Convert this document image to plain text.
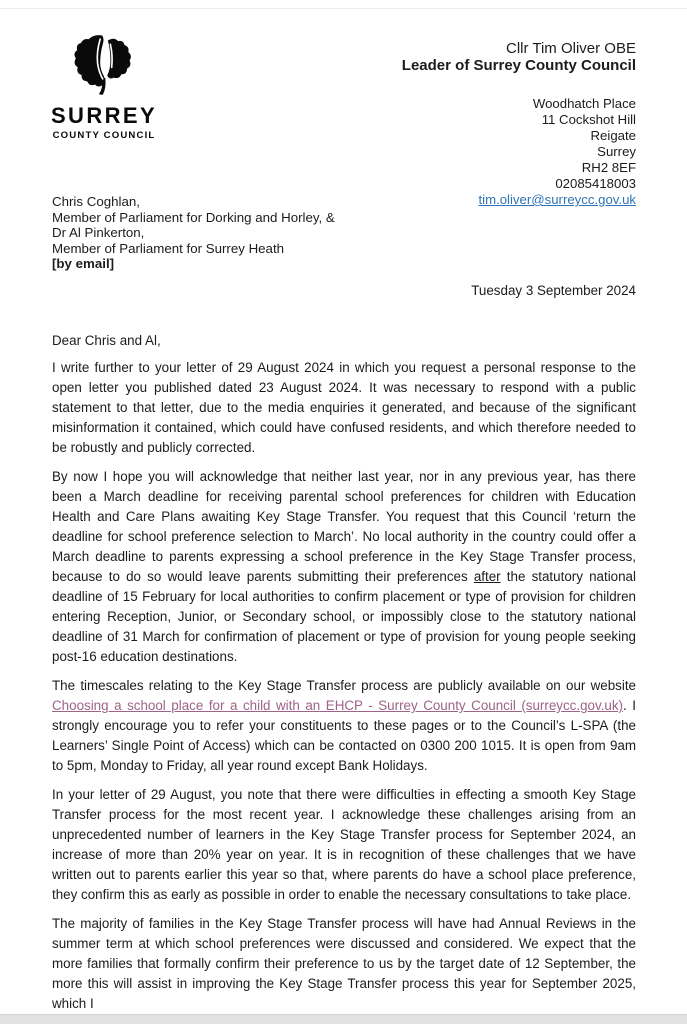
SURREY
COUNTY COUNCIL
Cllr Tim Oliver OBE
Leader of Surrey County Council
Woodhatch Place
11 Cockshot Hill
Reigate
Surrey
RH2 8EF
02085418003
tim.oliver@surreycc.gov.uk
Chris Coghlan,
Member of Parliament for Dorking and Horley, &
Dr Al Pinkerton,
Member of Parliament for Surrey Heath
[by email]
Tuesday 3 September 2024
Dear Chris and Al,

I write further to your letter of 29 August 2024 in which you request a personal response to the open letter you published dated 23 August 2024. It was necessary to respond with a public statement to that letter, due to the media enquiries it generated, and because of the significant misinformation it contained, which could have confused residents, and which therefore needed to be robustly and publicly corrected.

By now I hope you will acknowledge that neither last year, nor in any previous year, has there been a March deadline for receiving parental school preferences for children with Education Health and Care Plans awaiting Key Stage Transfer. You request that this Council ‘return the deadline for school preference selection to March’. No local authority in the country could offer a March deadline to parents expressing a school preference in the Key Stage Transfer process, because to do so would leave parents submitting their preferences after the statutory national deadline of 15 February for local authorities to confirm placement or type of provision for children entering Reception, Junior, or Secondary school, or impossibly close to the statutory national deadline of 31 March for confirmation of placement or type of provision for young people seeking post-16 education destinations.

The timescales relating to the Key Stage Transfer process are publicly available on our website Choosing a school place for a child with an EHCP - Surrey County Council (surreycc.gov.uk). I strongly encourage you to refer your constituents to these pages or to the Council’s L-SPA (the Learners’ Single Point of Access) which can be contacted on 0300 200 1015. It is open from 9am to 5pm, Monday to Friday, all year round except Bank Holidays.

In your letter of 29 August, you note that there were difficulties in effecting a smooth Key Stage Transfer process for the most recent year. I acknowledge these challenges arising from an unprecedented number of learners in the Key Stage Transfer process for September 2024, an increase of more than 20% year on year. It is in recognition of these challenges that we have written out to parents earlier this year so that, where parents do have a school place preference, they confirm this as early as possible in order to enable the necessary consultations to take place.

The majority of families in the Key Stage Transfer process will have had Annual Reviews in the summer term at which school preferences were discussed and considered. We expect that the more families that formally confirm their preference to us by the target date of 12 September, the more this will assist in improving the Key Stage Transfer process this year for September 2025, which I
